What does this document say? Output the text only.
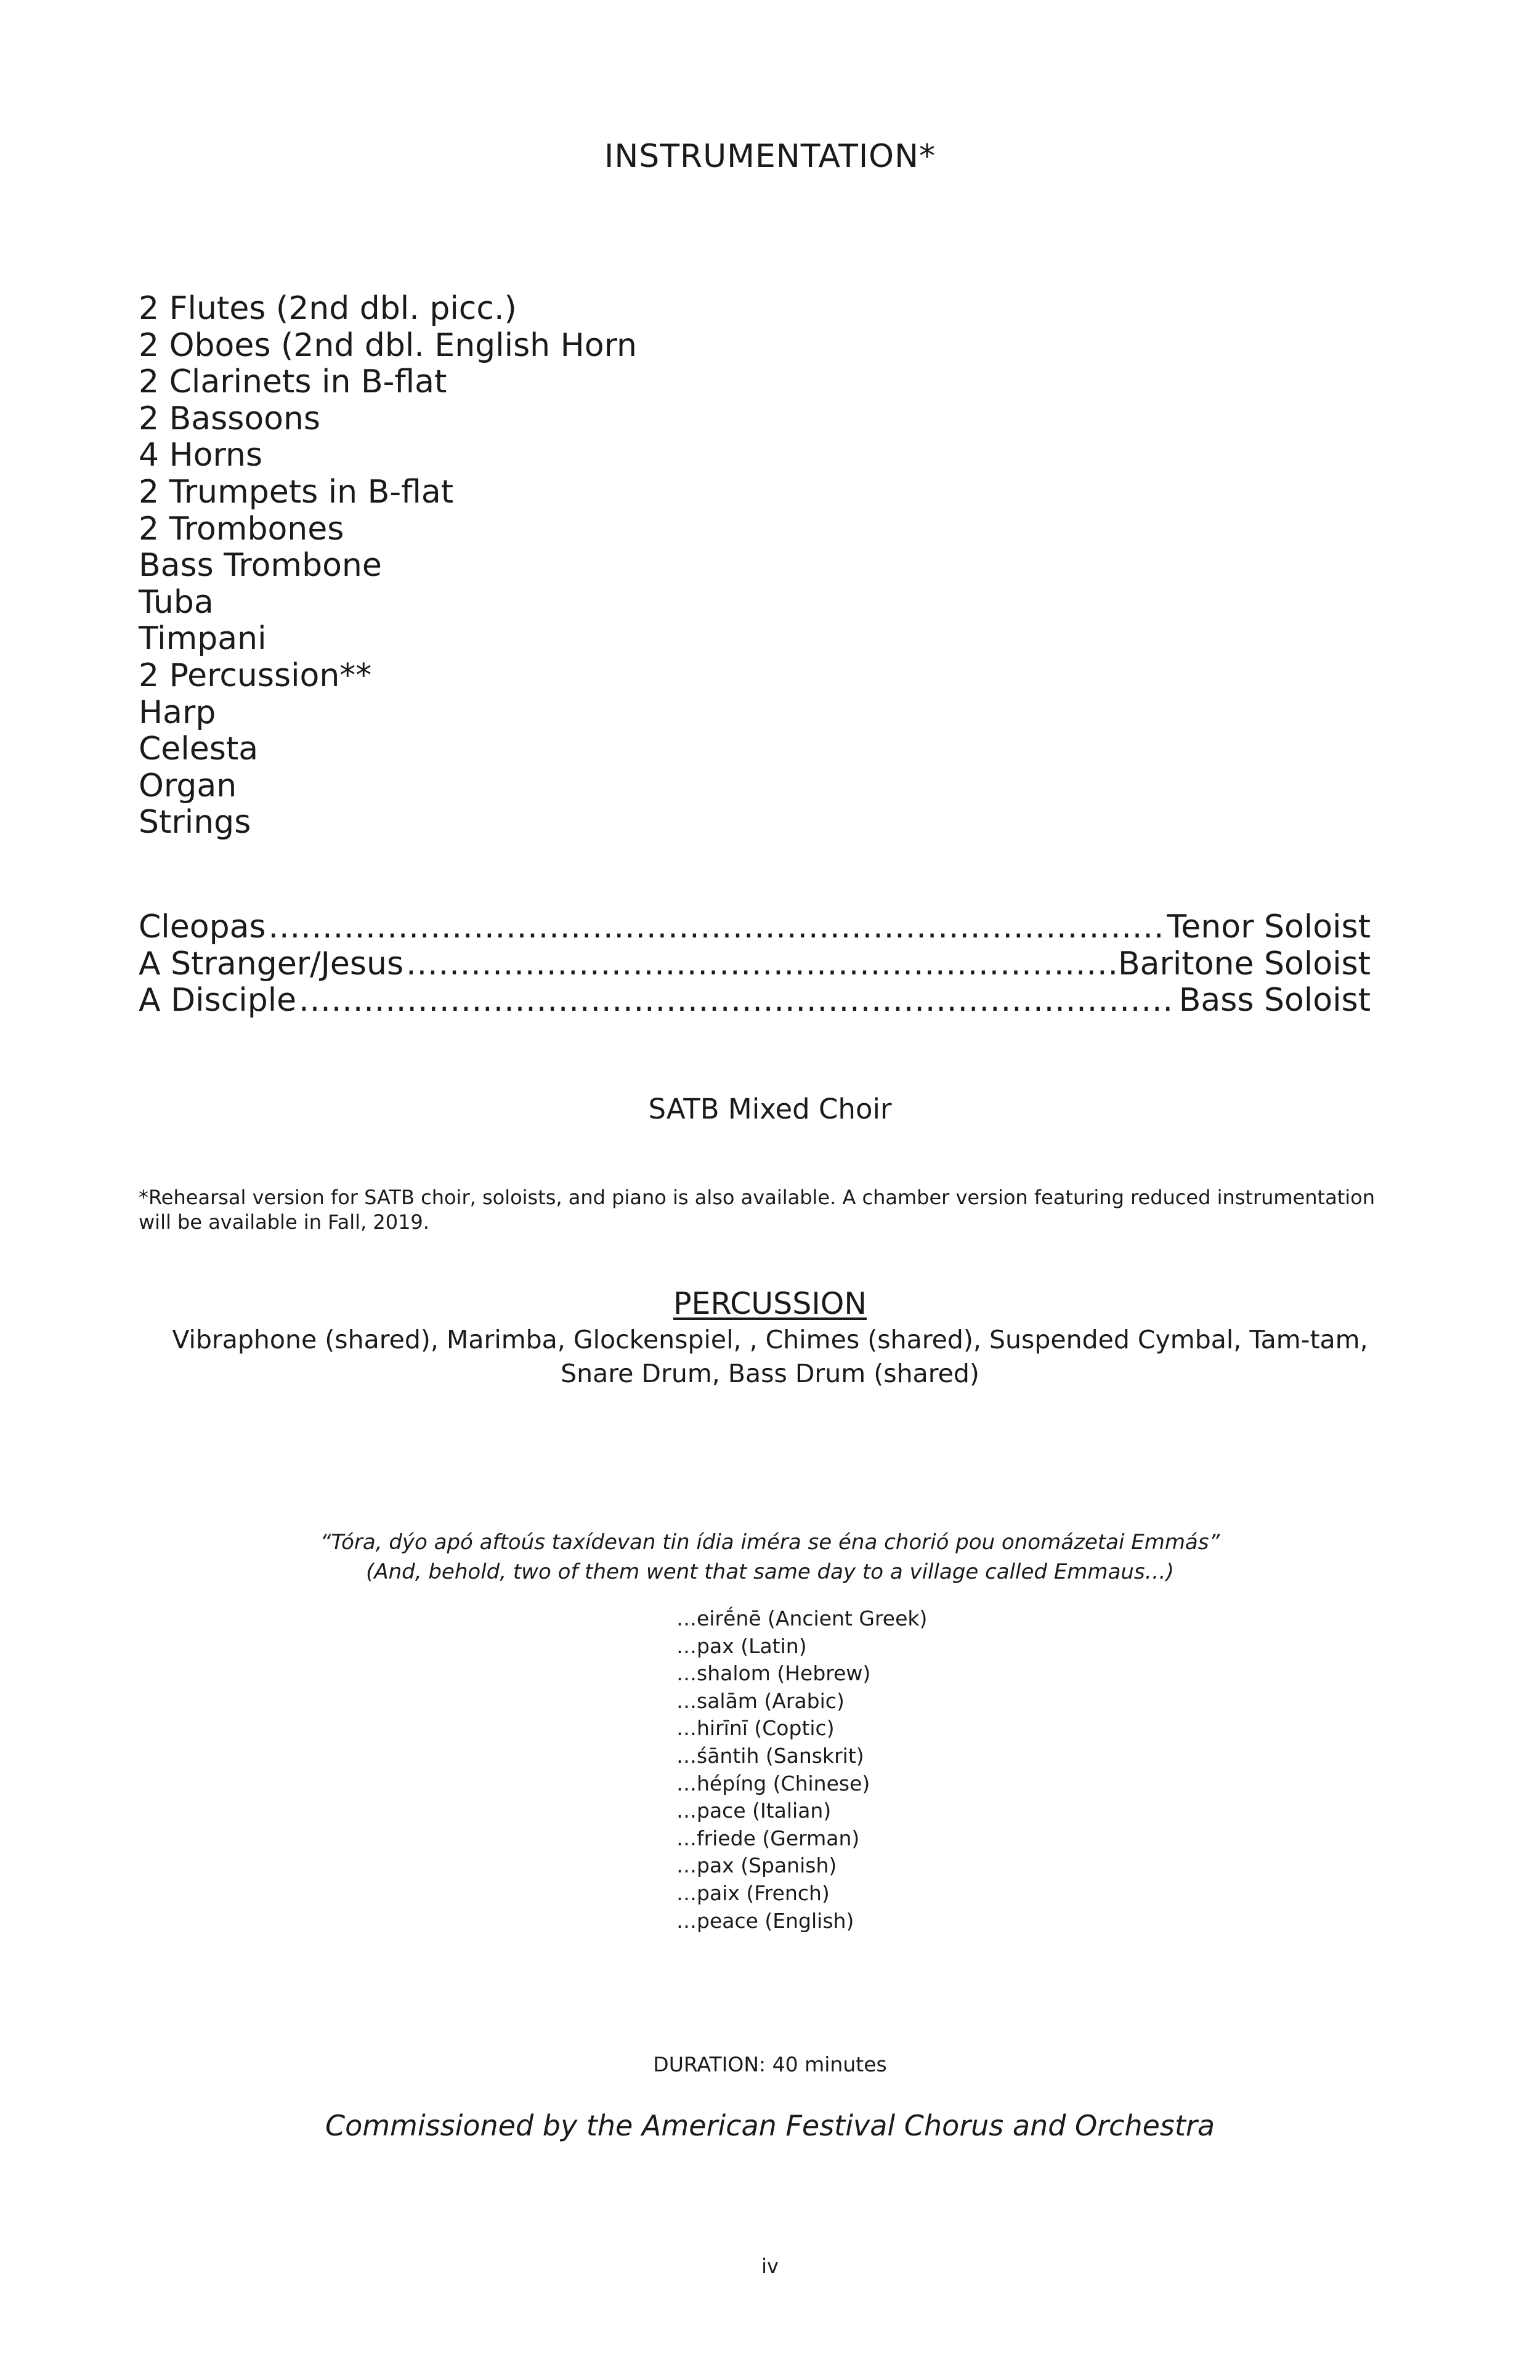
INSTRUMENTATION*
2 Flutes (2nd dbl. picc.)
2 Oboes (2nd dbl. English Horn
2 Clarinets in B-flat
2 Bassoons
4 Horns
2 Trumpets in B-flat
2 Trombones
Bass Trombone
Tuba
Timpani
2 Percussion**
Harp
Celesta
Organ
Strings
Cleopas .....	Tenor Soloist
A Stranger/Jesus .....	Baritone Soloist
A Disciple .....	Bass Soloist
SATB Mixed Choir
*Rehearsal version for SATB choir, soloists, and piano is also available. A chamber version featuring reduced instrumentation will be available in Fall, 2019.
PERCUSSION
Vibraphone (shared), Marimba, Glockenspiel, , Chimes (shared), Suspended Cymbal, Tam-tam, Snare Drum, Bass Drum (shared)
“Tóra, dýo apó aftoús taxídevan tin ídia iméra se éna chorió pou onomázetai Emmás”
(And, behold, two of them went that same day to a village called Emmaus…)
…eirḗnē (Ancient Greek)
…pax (Latin)
…shalom (Hebrew)
…salām (Arabic)
…hirīnī (Coptic)
…śāntih (Sanskrit)
…hépíng (Chinese)
…pace (Italian)
…friede (German)
…pax (Spanish)
…paix (French)
…peace (English)
DURATION: 40 minutes
Commissioned by the American Festival Chorus and Orchestra
iv
